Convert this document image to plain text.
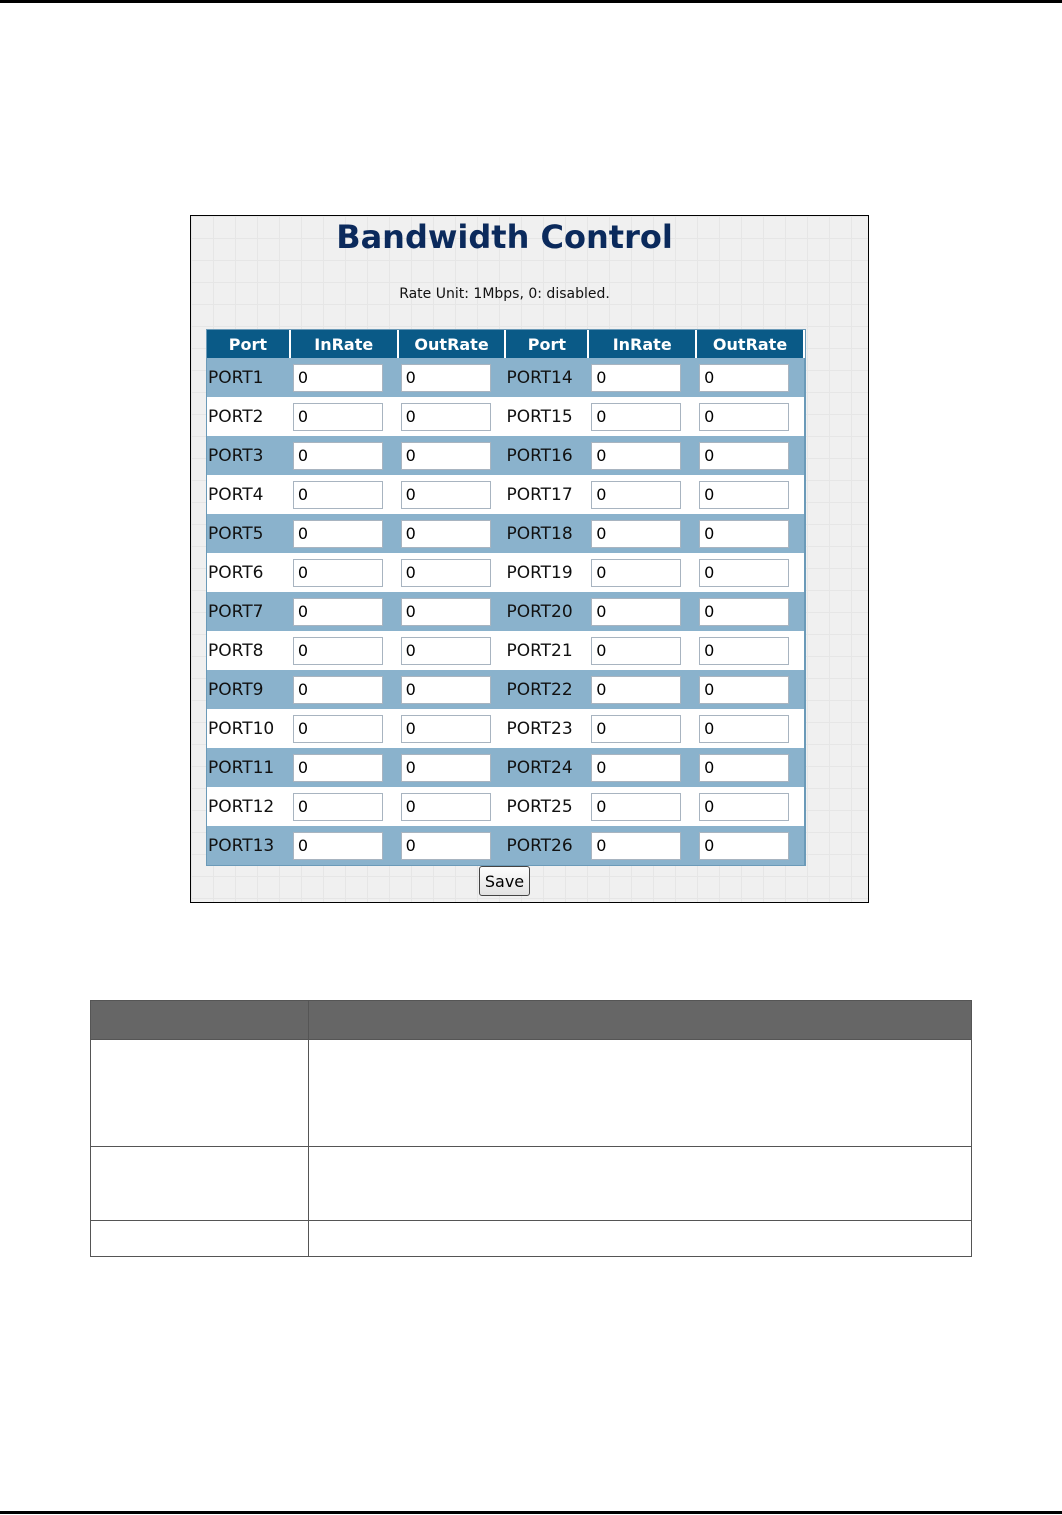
Bandwidth Control
Rate Unit: 1Mbps, 0: disabled.
Port	InRate	OutRate	Port	InRate	OutRate
PORT1	0	0	PORT14	0	0
PORT2	0	0	PORT15	0	0
PORT3	0	0	PORT16	0	0
PORT4	0	0	PORT17	0	0
PORT5	0	0	PORT18	0	0
PORT6	0	0	PORT19	0	0
PORT7	0	0	PORT20	0	0
PORT8	0	0	PORT21	0	0
PORT9	0	0	PORT22	0	0
PORT10	0	0	PORT23	0	0
PORT11	0	0	PORT24	0	0
PORT12	0	0	PORT25	0	0
PORT13	0	0	PORT26	0	0
Save
